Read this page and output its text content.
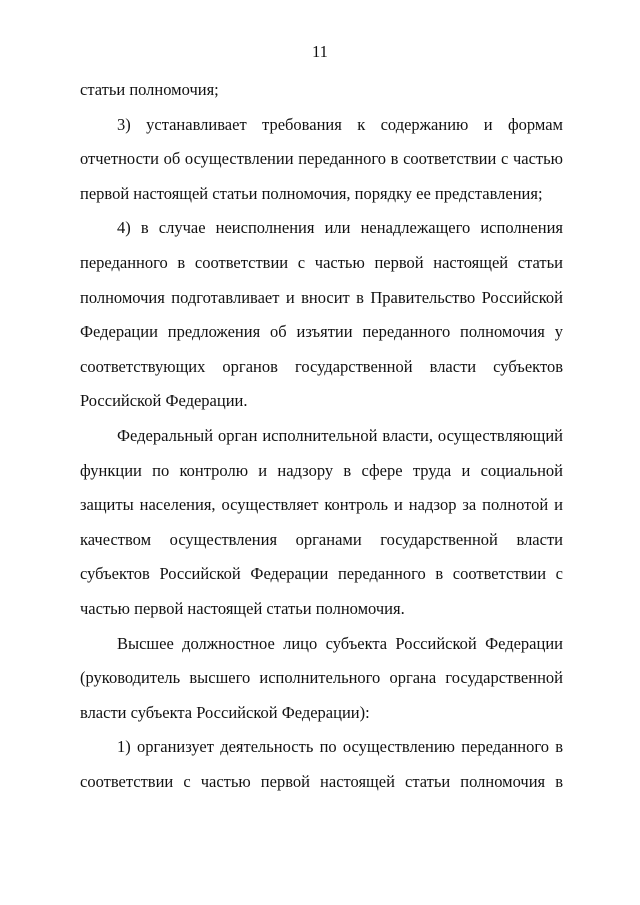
11

статьи полномочия;

3) устанавливает требования к содержанию и формам отчетности об осуществлении переданного в соответствии с частью первой настоящей статьи полномочия, порядку ее представления;

4) в случае неисполнения или ненадлежащего исполнения переданного в соответствии с частью первой настоящей статьи полномочия подготавливает и вносит в Правительство Российской Федерации предложения об изъятии переданного полномочия у соответствующих органов государственной власти субъектов Российской Федерации.

Федеральный орган исполнительной власти, осуществляющий функции по контролю и надзору в сфере труда и социальной защиты населения, осуществляет контроль и надзор за полнотой и качеством осуществления органами государственной власти субъектов Российской Федерации переданного в соответствии с частью первой настоящей статьи полномочия.

Высшее должностное лицо субъекта Российской Федерации (руководитель высшего исполнительного органа государственной власти субъекта Российской Федерации):

1) организует деятельность по осуществлению переданного в соответствии с частью первой настоящей статьи полномочия в
